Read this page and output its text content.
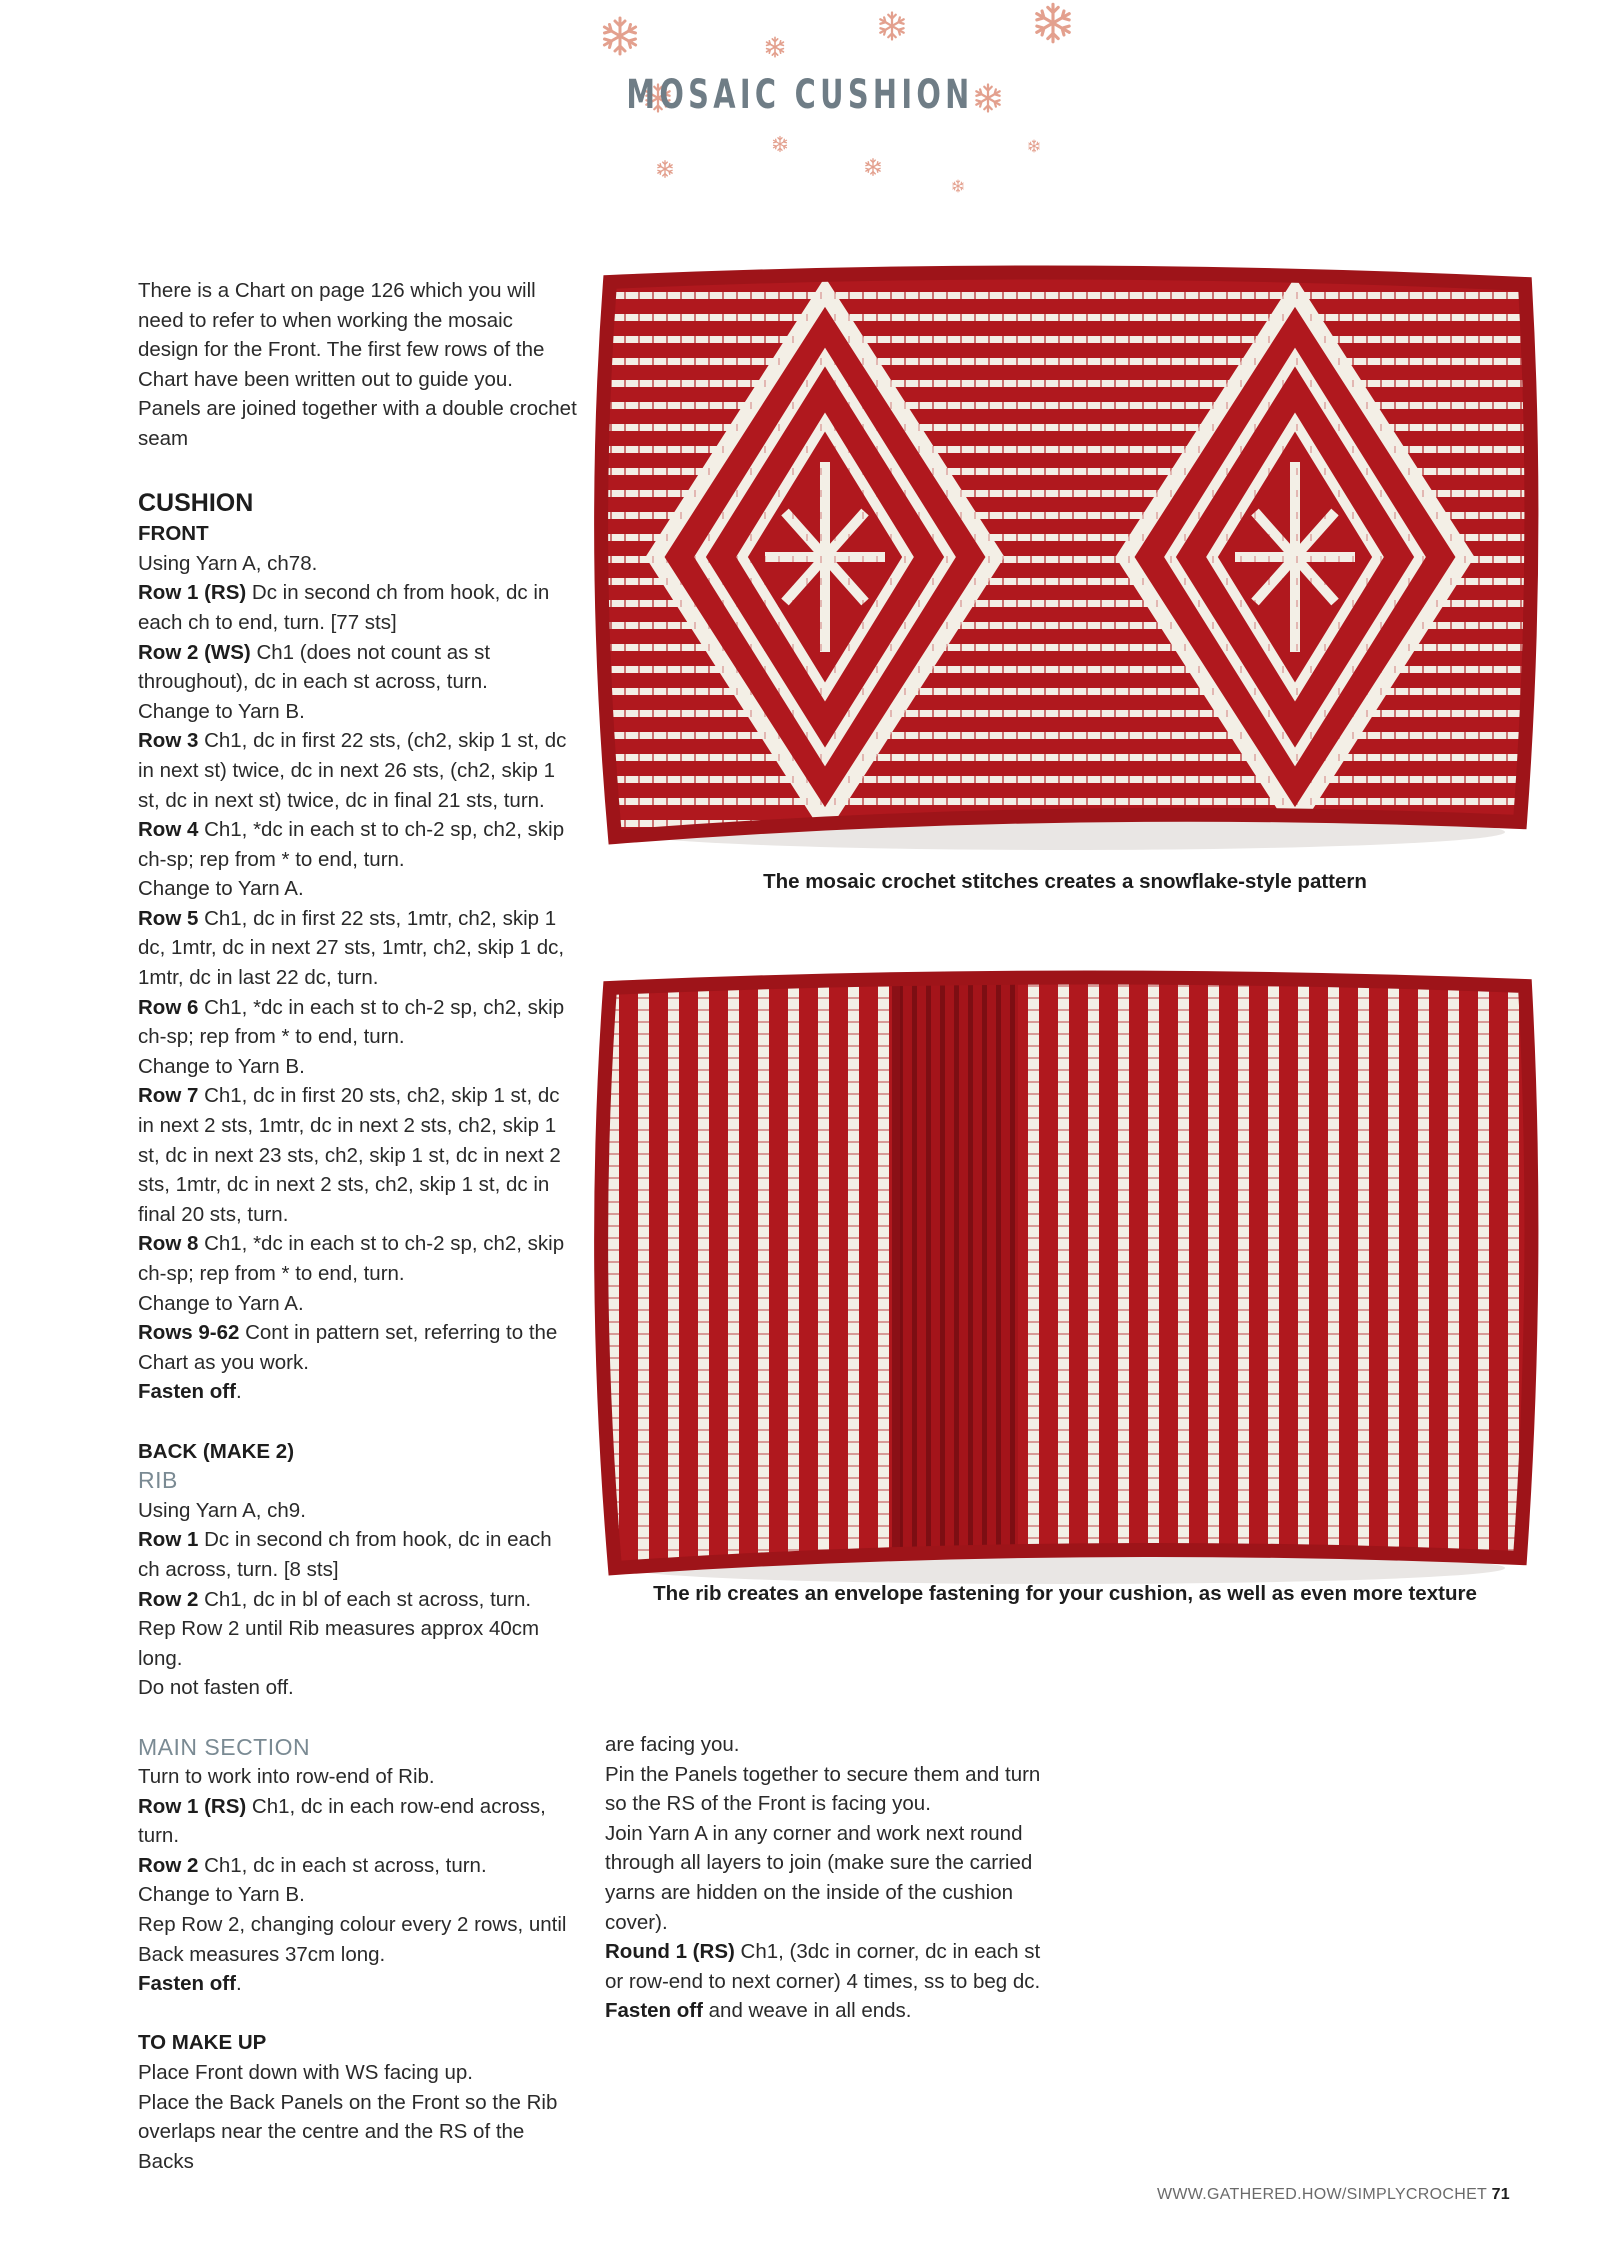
MOSAIC CUSHION

There is a Chart on page 126 which you will need to refer to when working the mosaic design for the Front. The first few rows of the Chart have been written out to guide you. Panels are joined together with a double crochet seam

CUSHION
FRONT

Using Yarn A, ch78.

Row 1 (RS) Dc in second ch from hook, dc in each ch to end, turn. [77 sts]

Row 2 (WS) Ch1 (does not count as st throughout), dc in each st across, turn.

Change to Yarn B.

Row 3 Ch1, dc in first 22 sts, (ch2, skip 1 st, dc in next st) twice, dc in next 26 sts, (ch2, skip 1 st, dc in next st) twice, dc in final 21 sts, turn.

Row 4 Ch1, *dc in each st to ch-2 sp, ch2, skip ch-sp; rep from * to end, turn.

Change to Yarn A.

Row 5 Ch1, dc in first 22 sts, 1mtr, ch2, skip 1 dc, 1mtr, dc in next 27 sts, 1mtr, ch2, skip 1 dc, 1mtr, dc in last 22 dc, turn.

Row 6 Ch1, *dc in each st to ch-2 sp, ch2, skip ch-sp; rep from * to end, turn.

Change to Yarn B.

Row 7 Ch1, dc in first 20 sts, ch2, skip 1 st, dc in next 2 sts, 1mtr, dc in next 2 sts, ch2, skip 1 st, dc in next 23 sts, ch2, skip 1 st, dc in next 2 sts, 1mtr, dc in next 2 sts, ch2, skip 1 st, dc in final 20 sts, turn.

Row 8 Ch1, *dc in each st to ch-2 sp, ch2, skip ch-sp; rep from * to end, turn.

Change to Yarn A.

Rows 9-62 Cont in pattern set, referring to the Chart as you work.

Fasten off.

BACK (MAKE 2)
RIB

Using Yarn A, ch9.

Row 1 Dc in second ch from hook, dc in each ch across, turn. [8 sts]

Row 2 Ch1, dc in bl of each st across, turn.

Rep Row 2 until Rib measures approx 40cm long.

Do not fasten off.

MAIN SECTION

Turn to work into row-end of Rib.

Row 1 (RS) Ch1, dc in each row-end across, turn.

Row 2 Ch1, dc in each st across, turn.

Change to Yarn B.

Rep Row 2, changing colour every 2 rows, until Back measures 37cm long.

Fasten off.

TO MAKE UP

Place Front down with WS facing up.

Place the Back Panels on the Front so the Rib overlaps near the centre and the RS of the Backs

are facing you.

Pin the Panels together to secure them and turn so the RS of the Front is facing you.

Join Yarn A in any corner and work next round through all layers to join (make sure the carried yarns are hidden on the inside of the cushion cover).

Round 1 (RS) Ch1, (3dc in corner, dc in each st or row-end to next corner) 4 times, ss to beg dc.

Fasten off and weave in all ends.

The mosaic crochet stitches creates a snowflake-style pattern
The rib creates an envelope fastening for your cushion, as well as even more texture
WWW.GATHERED.HOW/SIMPLYCROCHET 71
